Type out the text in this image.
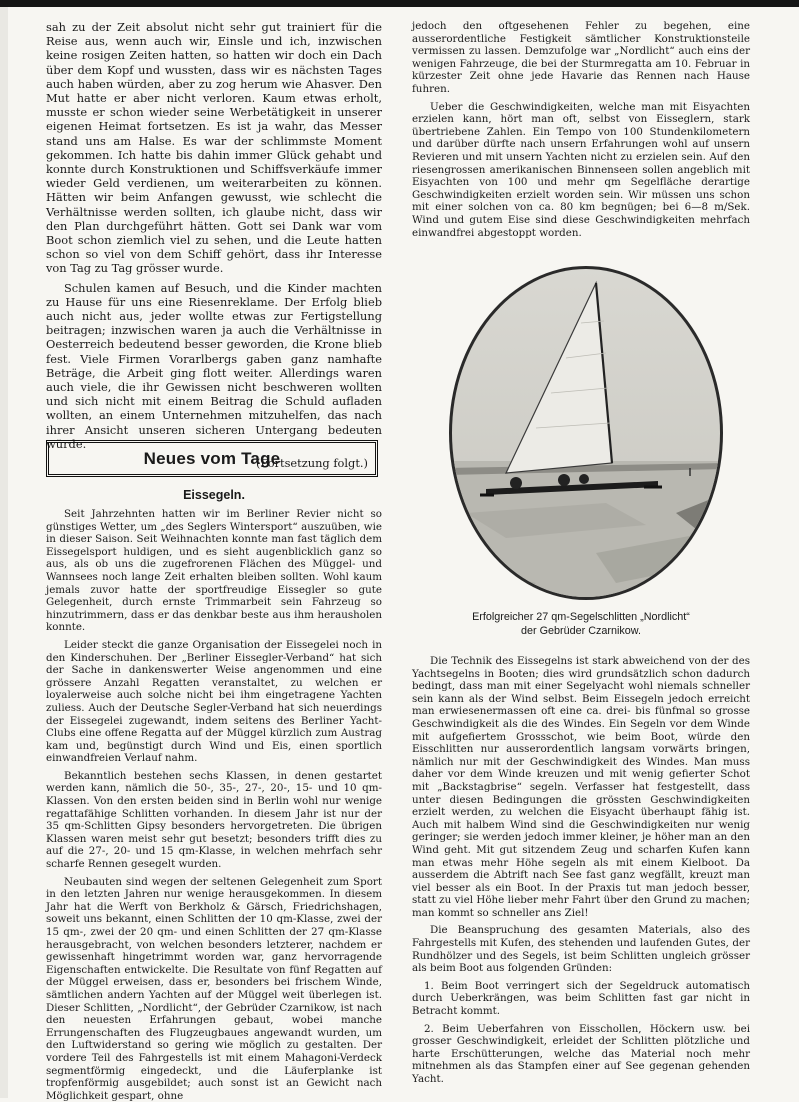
sah zu der Zeit absolut nicht sehr gut trainiert für die Reise aus, wenn auch wir, Einsle und ich, inzwischen keine rosigen Zeiten hatten, so hatten wir doch ein Dach über dem Kopf und wussten, dass wir es nächsten Tages auch haben würden, aber zu zog herum wie Ahasver. Den Mut hatte er aber nicht verloren. Kaum etwas erholt, musste er schon wieder seine Werbetätigkeit in unserer eigenen Heimat fortsetzen. Es ist ja wahr, das Messer stand uns am Halse. Es war der schlimmste Moment gekommen. Ich hatte bis dahin immer Glück gehabt und konnte durch Konstruktionen und Schiffsverkäufe immer wieder Geld verdienen, um weiterarbeiten zu können. Hätten wir beim Anfangen gewusst, wie schlecht die Verhältnisse werden sollten, ich glaube nicht, dass wir den Plan durchgeführt hätten. Gott sei Dank war vom Boot schon ziemlich viel zu sehen, und die Leute hatten schon so viel von dem Schiff gehört, dass ihr Interesse von Tag zu Tag grösser wurde.

Schulen kamen auf Besuch, und die Kinder machten zu Hause für uns eine Riesenreklame. Der Erfolg blieb auch nicht aus, jeder wollte etwas zur Fertigstellung beitragen; inzwischen waren ja auch die Verhältnisse in Oesterreich bedeutend besser geworden, die Krone blieb fest. Viele Firmen Vorarlbergs gaben ganz namhafte Beträge, die Arbeit ging flott weiter. Allerdings waren auch viele, die ihr Gewissen nicht beschweren wollten und sich nicht mit einem Beitrag die Schuld aufladen wollten, an einem Unternehmen mitzuhelfen, das nach ihrer Ansicht unseren sicheren Untergang bedeuten würde.

(Fortsetzung folgt.)
Neues vom Tage
Eissegeln.

Seit Jahrzehnten hatten wir im Berliner Revier nicht so günstiges Wetter, um „des Seglers Wintersport“ auszuüben, wie in dieser Saison. Seit Weihnachten konnte man fast täglich dem Eissegelsport huldigen, und es sieht augenblicklich ganz so aus, als ob uns die zugefrorenen Flächen des Müggel- und Wannsees noch lange Zeit erhalten bleiben sollten. Wohl kaum jemals zuvor hatte der sportfreudige Eissegler so gute Gelegenheit, durch ernste Trimmarbeit sein Fahrzeug so hinzutrimmern, dass er das denkbar beste aus ihm herausholen konnte.

Leider steckt die ganze Organisation der Eissegelei noch in den Kinderschuhen. Der „Berliner Eissegler-Verband“ hat sich der Sache in dankenswerter Weise angenommen und eine grössere Anzahl Regatten veranstaltet, zu welchen er loyalerweise auch solche nicht bei ihm eingetragene Yachten zuliess. Auch der Deutsche Segler-Verband hat sich neuerdings der Eissegelei zugewandt, indem seitens des Berliner Yacht-Clubs eine offene Regatta auf der Müggel kürzlich zum Austrag kam und, begünstigt durch Wind und Eis, einen sportlich einwandfreien Verlauf nahm.

Bekanntlich bestehen sechs Klassen, in denen gestartet werden kann, nämlich die 50-, 35-, 27-, 20-, 15- und 10 qm-Klassen. Von den ersten beiden sind in Berlin wohl nur wenige regattafähige Schlitten vorhanden. In diesem Jahr ist nur der 35 qm-Schlitten Gipsy besonders hervorgetreten. Die übrigen Klassen waren meist sehr gut besetzt; besonders trifft dies zu auf die 27-, 20- und 15 qm-Klasse, in welchen mehrfach sehr scharfe Rennen gesegelt wurden.

Neubauten sind wegen der seltenen Gelegenheit zum Sport in den letzten Jahren nur wenige herausgekommen. In diesem Jahr hat die Werft von Berkholz & Gärsch, Friedrichshagen, soweit uns bekannt, einen Schlitten der 10 qm-Klasse, zwei der 15 qm-, zwei der 20 qm- und einen Schlitten der 27 qm-Klasse herausgebracht, von welchen besonders letzterer, nachdem er gewissenhaft hingetrimmt worden war, ganz hervorragende Eigenschaften entwickelte. Die Resultate von fünf Regatten auf der Müggel erweisen, dass er, besonders bei frischem Winde, sämtlichen andern Yachten auf der Müggel weit überlegen ist. Dieser Schlitten, „Nordlicht“, der Gebrüder Czarnikow, ist nach den neuesten Erfahrungen gebaut, wobei manche Errungenschaften des Flugzeugbaues angewandt wurden, um den Luftwiderstand so gering wie möglich zu gestalten. Der vordere Teil des Fahrgestells ist mit einem Mahagoni-Verdeck segmentförmig eingedeckt, und die Läuferplanke ist tropfenförmig ausgebildet; auch sonst ist an Gewicht nach Möglichkeit gespart, ohne

jedoch den oftgesehenen Fehler zu begehen, eine ausserordentliche Festigkeit sämtlicher Konstruktionsteile vermissen zu lassen. Demzufolge war „Nordlicht“ auch eins der wenigen Fahrzeuge, die bei der Sturmregatta am 10. Februar in kürzester Zeit ohne jede Havarie das Rennen nach Hause fuhren.

Ueber die Geschwindigkeiten, welche man mit Eisyachten erzielen kann, hört man oft, selbst von Eisseglern, stark übertriebene Zahlen. Ein Tempo von 100 Stundenkilometern und darüber dürfte nach unsern Erfahrungen wohl auf unsern Revieren und mit unsern Yachten nicht zu erzielen sein. Auf den riesengrossen amerikanischen Binnenseen sollen angeblich mit Eisyachten von 100 und mehr qm Segelfläche derartige Geschwindigkeiten erzielt worden sein. Wir müssen uns schon mit einer solchen von ca. 80 km begnügen; bei 6—8 m/Sek. Wind und gutem Eise sind diese Geschwindigkeiten mehrfach einwandfrei abgestoppt worden.

Erfolgreicher 27 qm-Segelschlitten „Nordlicht“
der Gebrüder Czarnikow.

Die Technik des Eissegelns ist stark abweichend von der des Yachtsegelns in Booten; dies wird grundsätzlich schon dadurch bedingt, dass man mit einer Segelyacht wohl niemals schneller sein kann als der Wind selbst. Beim Eissegeln jedoch erreicht man erwiesenermassen oft eine ca. drei- bis fünfmal so grosse Geschwindigkeit als die des Windes. Ein Segeln vor dem Winde mit aufgefiertem Grossschot, wie beim Boot, würde den Eisschlitten nur ausserordentlich langsam vorwärts bringen, nämlich nur mit der Geschwindigkeit des Windes. Man muss daher vor dem Winde kreuzen und mit wenig gefierter Schot mit „Backstagbrise“ segeln. Verfasser hat festgestellt, dass unter diesen Bedingungen die grössten Geschwindigkeiten erzielt werden, zu welchen die Eisyacht überhaupt fähig ist. Auch mit halbem Wind sind die Geschwindigkeiten nur wenig geringer; sie werden jedoch immer kleiner, je höher man an den Wind geht. Mit gut sitzendem Zeug und scharfen Kufen kann man etwas mehr Höhe segeln als mit einem Kielboot. Da ausserdem die Abtrift nach See fast ganz wegfällt, kreuzt man viel besser als ein Boot. In der Praxis tut man jedoch besser, statt zu viel Höhe lieber mehr Fahrt über den Grund zu machen; man kommt so schneller ans Ziel!

Die Beanspruchung des gesamten Materials, also des Fahrgestells mit Kufen, des stehenden und laufenden Gutes, der Rundhölzer und des Segels, ist beim Schlitten ungleich grösser als beim Boot aus folgenden Gründen:

1. Beim Boot verringert sich der Segeldruck automatisch durch Ueberkrängen, was beim Schlitten fast gar nicht in Betracht kommt.

2. Beim Ueberfahren von Eisschollen, Höckern usw. bei grosser Geschwindigkeit, erleidet der Schlitten plötzliche und harte Erschütterungen, welche das Material noch mehr mitnehmen als das Stampfen einer auf See gegenan gehenden Yacht.
